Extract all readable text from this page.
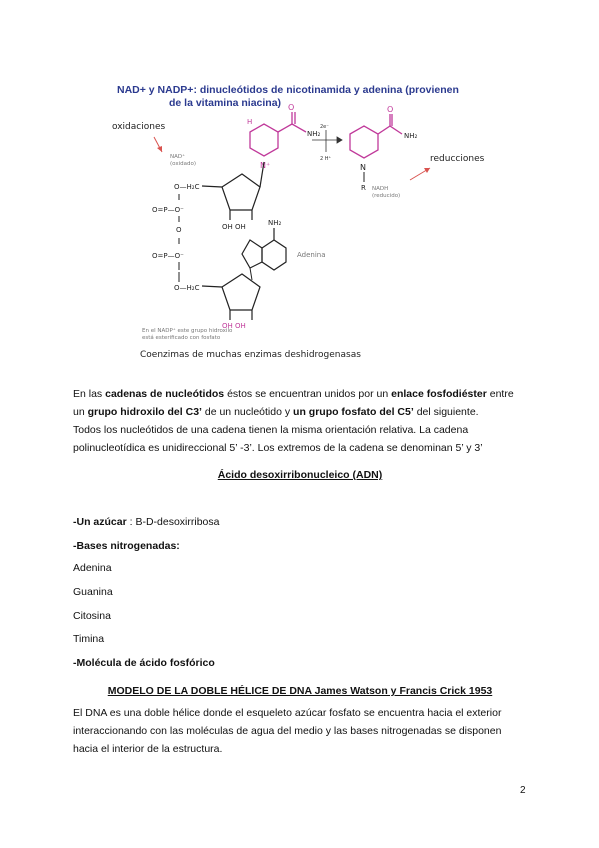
NAD+ y NADP+: dinucleótidos de nicotinamida y adenina (provienen
de la vitamina niacina) O
NH₂
N⁺
H
2e⁻
2 H⁺
O
NH₂
N
R
OH OH
O—H₂C
O=P—O⁻
O
O=P—O⁻
O—H₂C
NH₂
Adenina
OH OH
oxidaciones
reducciones
NAD⁺
(oxidado)
NADH
(reducido)
En el NADP⁺ este grupo hidroxilo
está esterificado con fosfato
Coenzimas de muchas enzimas deshidrogenasas
En las cadenas de nucleótidos éstos se encuentran unidos por un enlace fosfodiéster entre
un grupo hidroxilo del C3’ de un nucleótido y un grupo fosfato del C5’ del siguiente.
Todos los nucleótidos de una cadena tienen la misma orientación relativa. La cadena
polinucleotídica es unidireccional 5’ -3’. Los extremos de la cadena se denominan 5’ y 3’
Ácido desoxirribonucleico (ADN)
-Un azúcar : B-D-desoxirribosa
-Bases nitrogenadas:
Adenina
Guanina
Citosina
Timina
-Molécula de ácido fosfórico
MODELO DE LA DOBLE HÉLICE DE DNA James Watson y Francis Crick 1953
El DNA es una doble hélice donde el esqueleto azúcar fosfato se encuentra hacia el exterior
interaccionando con las moléculas de agua del medio y las bases nitrogenadas se disponen
hacia el interior de la estructura.
2
